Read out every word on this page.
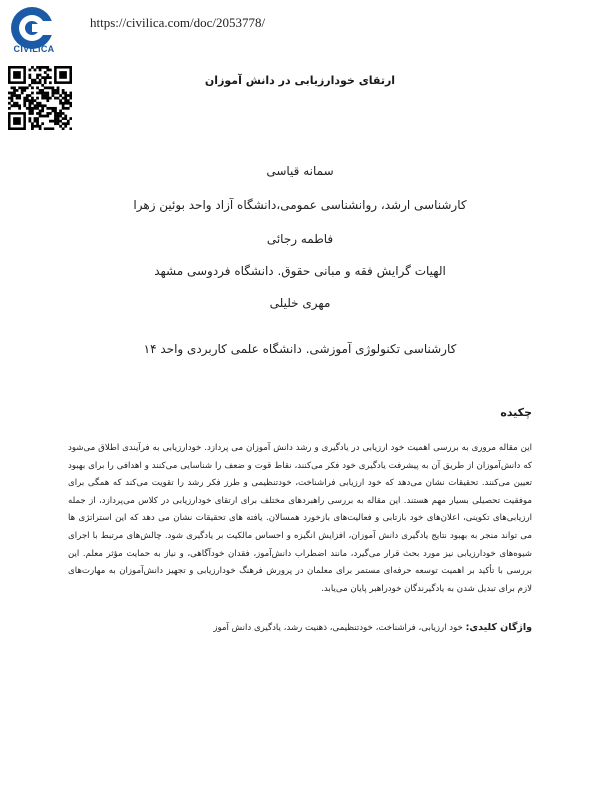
CIVILICA
https://civilica.com/doc/2053778/
ارتقای خودارزیابی در دانش آموزان
سمانه قیاسی
کارشناسی ارشد، روانشناسی عمومی،دانشگاه آزاد واحد بوئین زهرا
فاطمه رجائی
الهیات گرایش فقه و مبانی حقوق. دانشگاه فردوسی مشهد
مهری خلیلی
کارشناسی تکنولوژی آموزشی. دانشگاه علمی کاربردی واحد ۱۴
چکیده
این مقاله مروری به بررسی اهمیت خود ارزیابی در یادگیری و رشد دانش آموزان می پردازد. خودارزیابی به فرآیندی اطلاق می‌شود که دانش‌آموزان از طریق آن به پیشرفت یادگیری خود فکر می‌کنند، نقاط قوت و ضعف را شناسایی می‌کنند و اهدافی را برای بهبود تعیین می‌کنند. تحقیقات نشان می‌دهد که خود ارزیابی فراشناخت، خودتنظیمی و طرز فکر رشد را تقویت می‌کند که همگی برای موفقیت تحصیلی بسیار مهم هستند. این مقاله به بررسی راهبردهای مختلف برای ارتقای خودارزیابی در کلاس می‌پردازد، از جمله ارزیابی‌های تکوینی، اعلان‌های خود بازتابی و فعالیت‌های بازخورد همسالان. یافته های تحقیقات نشان می دهد که این استراتژی ها می تواند منجر به بهبود نتایج یادگیری دانش آموزان، افزایش انگیزه و احساس مالکیت بر یادگیری شود. چالش‌های مرتبط با اجرای شیوه‌های خودارزیابی نیز مورد بحث قرار می‌گیرد، مانند اضطراب دانش‌آموز، فقدان خودآگاهی، و نیاز به حمایت مؤثر معلم. این بررسی با تأکید بر اهمیت توسعه حرفه‌ای مستمر برای معلمان در پرورش فرهنگ خودارزیابی و تجهیز دانش‌آموزان به مهارت‌های لازم برای تبدیل شدن به یادگیرندگان خودراهبر پایان می‌یابد.
واژگان کلیدی: خود ارزیابی، فراشناخت، خودتنظیمی، ذهنیت رشد، یادگیری دانش آموز
